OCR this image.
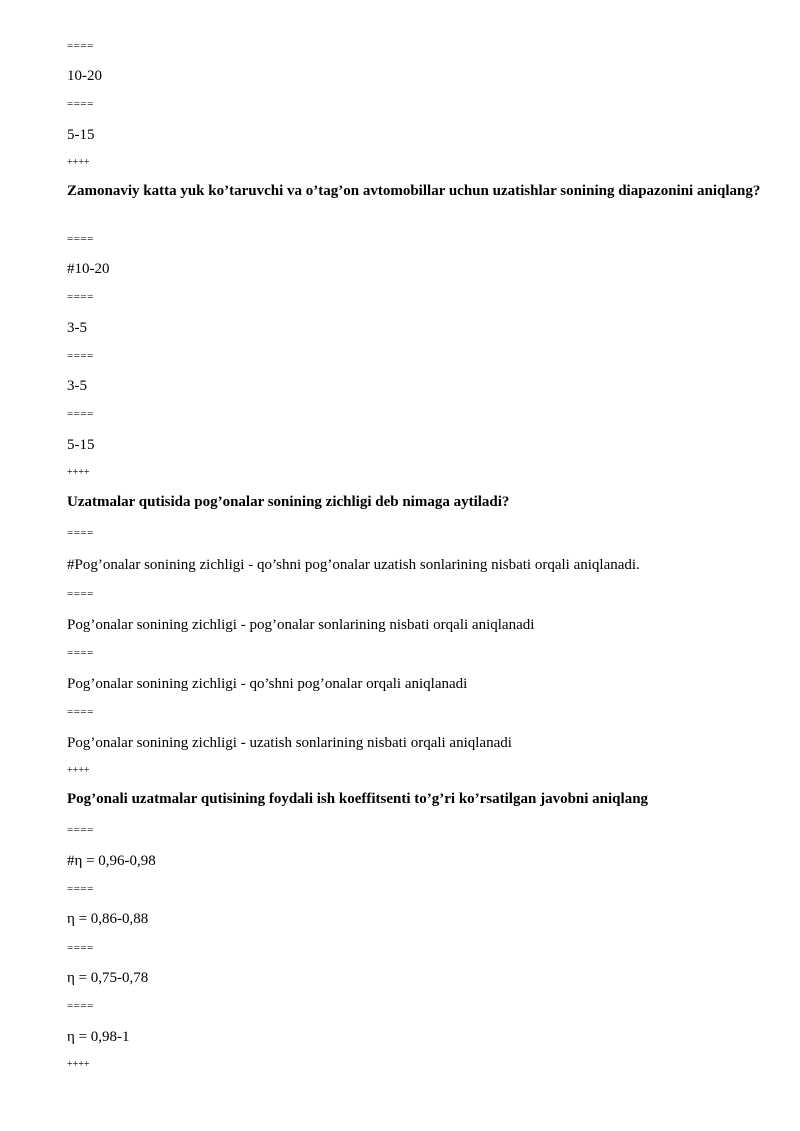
====
10-20
====
5-15
++++
Zamonaviy katta yuk ko’taruvchi va o’tag’on avtomobillar uchun uzatishlar sonining diapazonini aniqlang?
====
#10-20
====
3-5
====
3-5
====
5-15
++++
Uzatmalar qutisida pog’onalar sonining zichligi deb nimaga aytiladi?
====
#Pog’onalar sonining zichligi - qo’shni pog’onalar uzatish sonlarining nisbati orqali aniqlanadi.
====
Pog’onalar sonining zichligi - pog’onalar sonlarining nisbati orqali aniqlanadi
====
Pog’onalar sonining zichligi - qo’shni pog’onalar orqali aniqlanadi
====
Pog’onalar sonining zichligi - uzatish sonlarining nisbati orqali aniqlanadi
++++
Pog’onali uzatmalar qutisining foydali ish koeffitsenti to’g’ri ko’rsatilgan javobni aniqlang
====
#η = 0,96-0,98
====
η = 0,86-0,88
====
η = 0,75-0,78
====
η = 0,98-1
++++
